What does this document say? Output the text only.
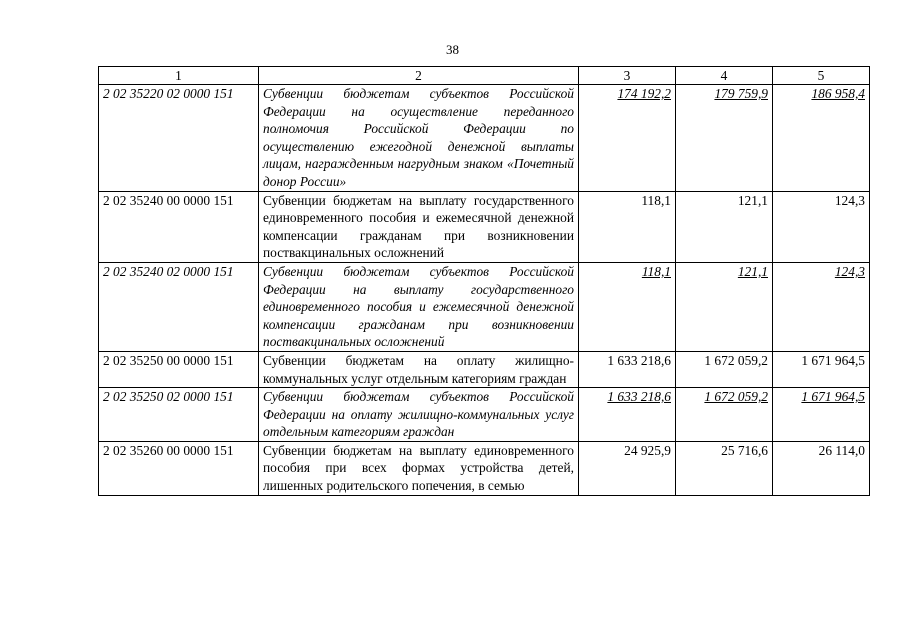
38
1	2	3	4	5
2 02 35220 02 0000 151	Субвенции бюджетам субъектов Российской Федерации на осуществление переданного полномочия Российской Федерации по осуществлению ежегодной денежной выплаты лицам, награжденным нагрудным знаком «Почетный донор России»	174 192,2	179 759,9	186 958,4
2 02 35240 00 0000 151	Субвенции бюджетам на выплату государственного единовременного пособия и ежемесячной денежной компенсации гражданам при возникновении поствакцинальных осложнений	118,1	121,1	124,3
2 02 35240 02 0000 151	Субвенции бюджетам субъектов Российской Федерации на выплату государственного единовременного пособия и ежемесячной денежной компенсации гражданам при возникновении поствакцинальных осложнений	118,1	121,1	124,3
2 02 35250 00 0000 151	Субвенции бюджетам на оплату жилищно-коммунальных услуг отдельным категориям граждан	1 633 218,6	1 672 059,2	1 671 964,5
2 02 35250 02 0000 151	Субвенции бюджетам субъектов Российской Федерации на оплату жилищно-коммунальных услуг отдельным категориям граждан	1 633 218,6	1 672 059,2	1 671 964,5
2 02 35260 00 0000 151	Субвенции бюджетам на выплату единовременного пособия при всех формах устройства детей, лишенных родительского попечения, в семью	24 925,9	25 716,6	26 114,0
